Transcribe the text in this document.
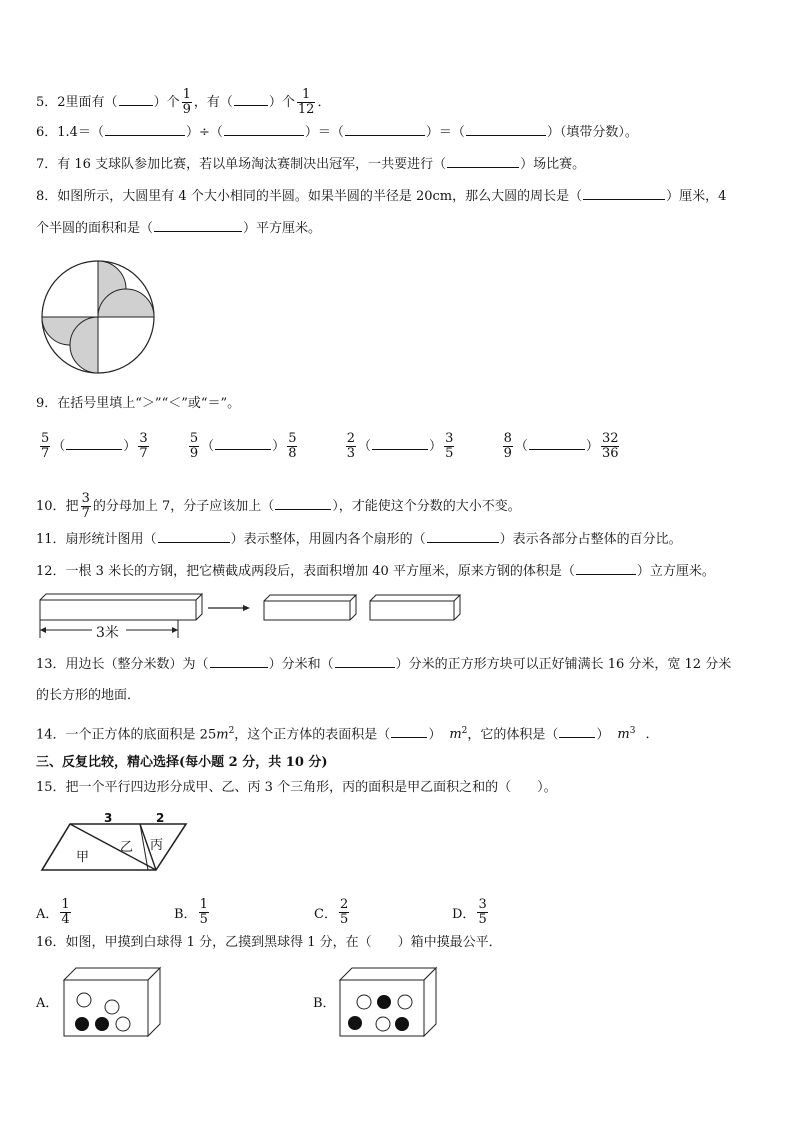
5．2里面有（	）个 $\frac{1}{9}$ ，有（	）个 $\frac{1}{12}$ ．
6．1.4＝（	）÷（	）＝（	）＝（	）（填带分数）。
7．有 16 支球队参加比赛，若以单场淘汰赛制决出冠军，一共要进行（	）场比赛。
8．如图所示，大圆里有 4 个大小相同的半圆。如果半圆的半径是 20cm，那么大圆的周长是（	）厘米，4
个半圆的面积和是（	）平方厘米。
9．在括号里填上“＞”“＜”或“＝”。
$\frac{5}{7}$ （	） $\frac{3}{7}$
	$\frac{5}{9}$ （	） $\frac{5}{8}$
	$\frac{2}{3}$ （	） $\frac{3}{5}$
	$\frac{8}{9}$ （	） $\frac{32}{36}$
10．把 $\frac{3}{7}$ 的分母加上 7，分子应该加上（	），才能使这个分数的大小不变。
11．扇形统计图用（	）表示整体，用圆内各个扇形的（	）表示各部分占整体的百分比。
12．一根 3 米长的方钢，把它横截成两段后，表面积增加 40 平方厘米，原来方钢的体积是（	）立方厘米。
3米
13．用边长（整分米数）为（	）分米和（	）分米的正方形方块可以正好铺满长 16 分米，宽 12 分米
的长方形的地面．
14．一个正方体的底面积是 $25m^2$，这个正方体的表面积是（	） $m^2$，它的体积是（	） $m^3$ ．
三、反复比较，精心选择(每小题 2 分，共 10 分)
15．把一个平行四边形分成甲、乙、丙 3 个三角形，丙的面积是甲乙面积之和的（　　）。
3	2
乙
甲
丙
A． $\frac{1}{4}$	B． $\frac{1}{5}$	C． $\frac{2}{5}$	D． $\frac{3}{5}$
16．如图，甲摸到白球得 1 分，乙摸到黑球得 1 分，在（　　）箱中摸最公平．
A．	B．
